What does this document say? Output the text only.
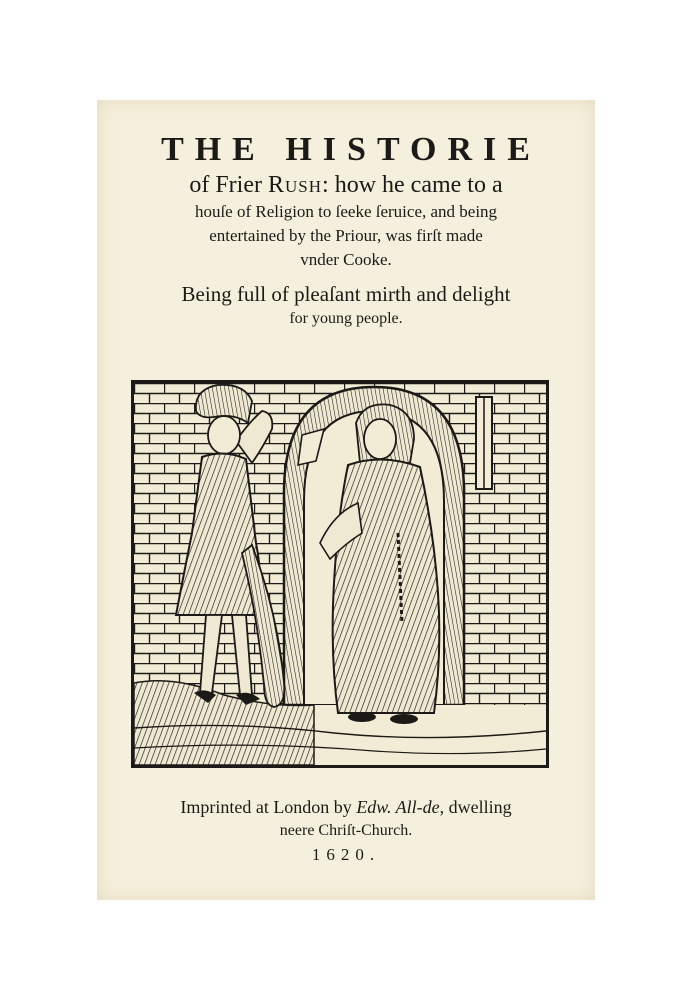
THE HISTORIE
of Frier Rush: how he came to a
houſe of Religion to ſeeke ſeruice, and being
entertained by the Priour, was firſt made
vnder Cooke.
Being full of pleaſant mirth and delight
for young people.
Imprinted at London by Edw. All-de, dwelling
neere Chriſt-Church.
1620.
